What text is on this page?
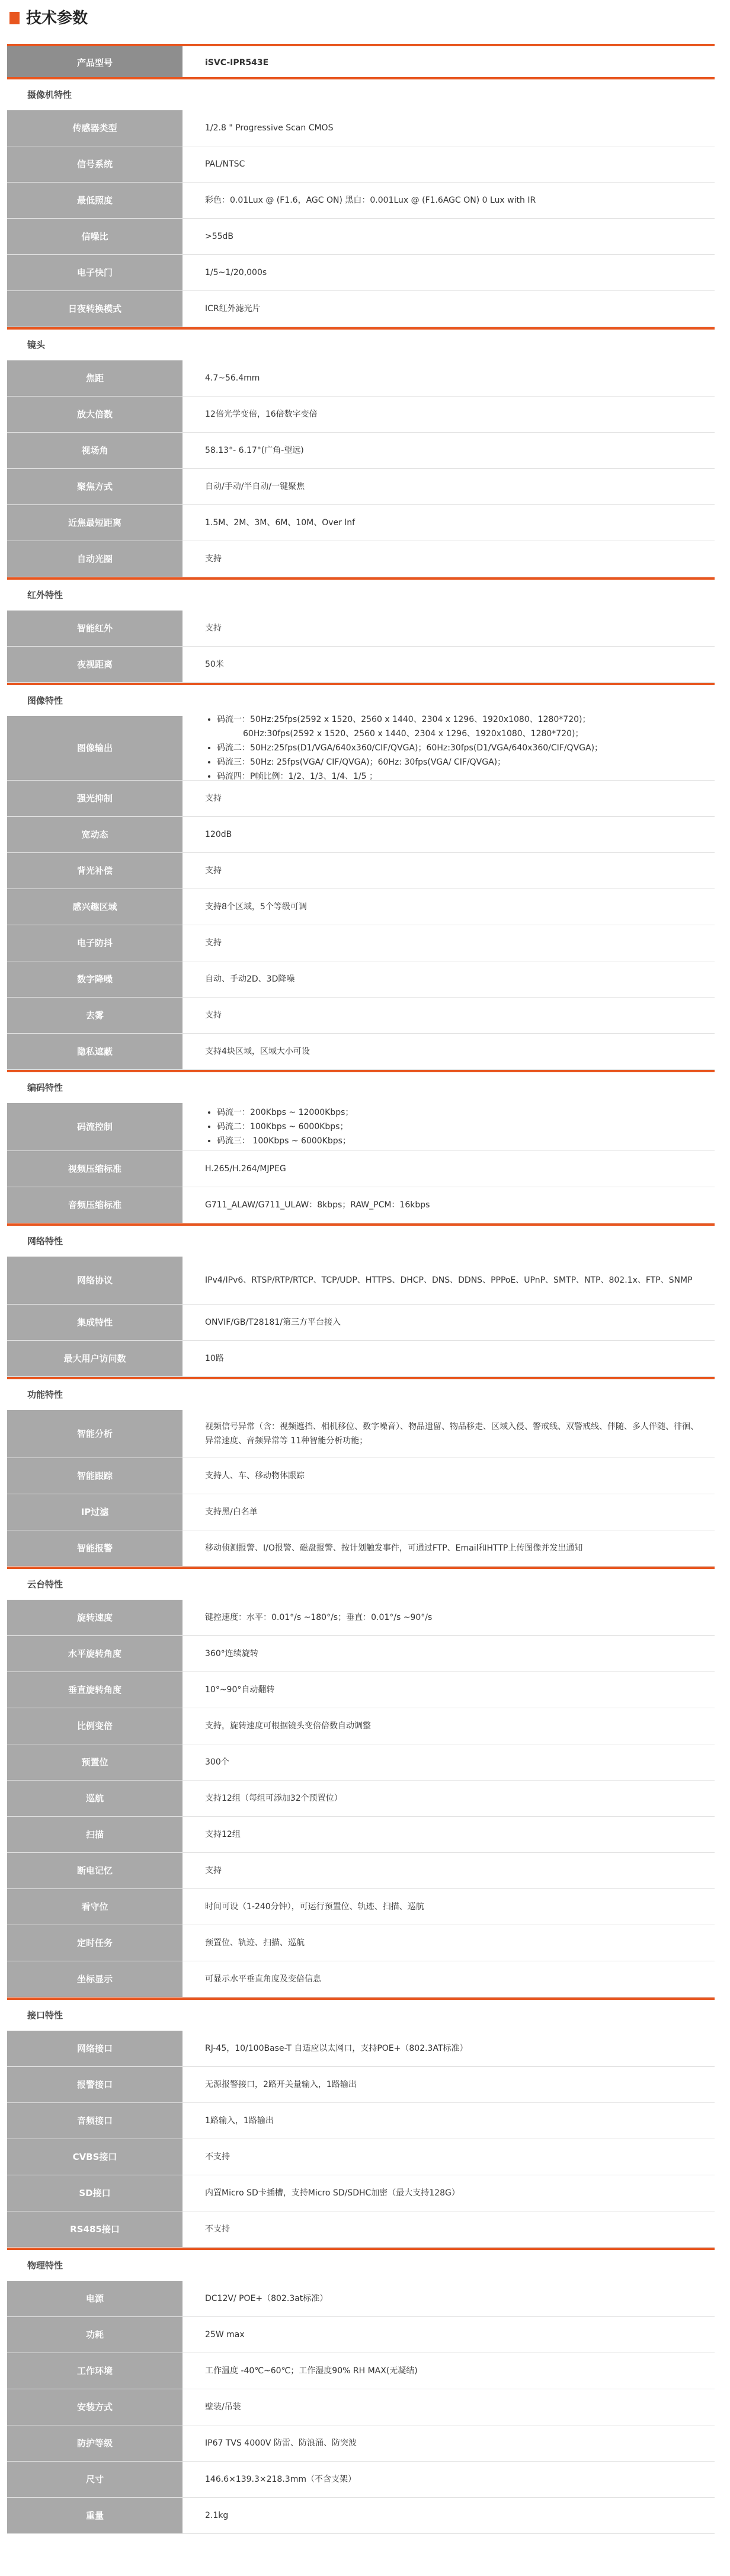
技术参数
产品型号	iSVC-IPR543E
摄像机特性
传感器类型	1/2.8 " Progressive Scan CMOS
信号系统	PAL/NTSC
最低照度	彩色：0.01Lux @ (F1.6，AGC ON) 黑白：0.001Lux @ (F1.6AGC ON) 0 Lux with IR
信噪比	>55dB
电子快门	1/5~1/20,000s
日夜转换模式	ICR红外滤光片
镜头
焦距	4.7~56.4mm
放大倍数	12倍光学变倍，16倍数字变倍
视场角	58.13°- 6.17°(广角-望远)
聚焦方式	自动/手动/半自动/一键聚焦
近焦最短距离	1.5M、2M、3M、6M、10M、Over lnf
自动光圈	支持
红外特性
智能红外	支持
夜视距离	50米
图像特性
图像输出
• 码流一：50Hz:25fps(2592 x 1520、2560 x 1440、2304 x 1296、1920x1080、1280*720)；
60Hz:30fps(2592 x 1520、2560 x 1440、2304 x 1296、1920x1080、1280*720)；
• 码流二：50Hz:25fps(D1/VGA/640x360/CIF/QVGA)；60Hz:30fps(D1/VGA/640x360/CIF/QVGA)；
• 码流三：50Hz: 25fps(VGA/ CIF/QVGA)；60Hz: 30fps(VGA/ CIF/QVGA)；
• 码流四：P帧比例：1/2、1/3、1/4、1/5 ；
强光抑制	支持
宽动态	120dB
背光补偿	支持
感兴趣区域	支持8个区域，5个等级可调
电子防抖	支持
数字降噪	自动、手动2D、3D降噪
去雾	支持
隐私遮蔽	支持4块区域，区域大小可设
编码特性
码流控制
• 码流一：200Kbps ~ 12000Kbps；
• 码流二：100Kbps ~ 6000Kbps；
• 码流三： 100Kbps ~ 6000Kbps；
视频压缩标准	H.265/H.264/MJPEG
音频压缩标准	G711_ALAW/G711_ULAW：8kbps；RAW_PCM：16kbps
网络特性
网络协议	IPv4/IPv6、RTSP/RTP/RTCP、TCP/UDP、HTTPS、DHCP、DNS、DDNS、PPPoE、UPnP、SMTP、NTP、802.1x、FTP、SNMP
集成特性	ONVIF/GB/T28181/第三方平台接入
最大用户访问数	10路
功能特性
智能分析
视频信号异常（含：视频遮挡、相机移位、数字噪音）、物品遗留、物品移走、区域入侵、警戒线、双警戒线、伴随、多人伴随、徘徊、异常速度、音频异常等 11种智能分析功能；
智能跟踪	支持人、车、移动物体跟踪
IP过滤	支持黑/白名单
智能报警	移动侦测报警、I/O报警、磁盘报警、按计划触发事件，可通过FTP、Email和HTTP上传图像并发出通知
云台特性
旋转速度	键控速度：水平：0.01°/s ~180°/s；垂直：0.01°/s ~90°/s
水平旋转角度	360°连续旋转
垂直旋转角度	10°~90°自动翻转
比例变倍	支持，旋转速度可根据镜头变倍倍数自动调整
预置位	300个
巡航	支持12组（每组可添加32个预置位）
扫描	支持12组
断电记忆	支持
看守位	时间可设（1-240分钟），可运行预置位、轨迹、扫描、巡航
定时任务	预置位、轨迹、扫描、巡航
坐标显示	可显示水平垂直角度及变倍信息
接口特性
网络接口	RJ-45，10/100Base-T 自适应以太网口，支持POE+（802.3AT标准）
报警接口	无源报警接口，2路开关量输入，1路输出
音频接口	1路输入，1路输出
CVBS接口	不支持
SD接口	内置Micro SD卡插槽，支持Micro SD/SDHC加密（最大支持128G）
RS485接口	不支持
物理特性
电源	DC12V/ POE+（802.3at标准）
功耗	25W max
工作环境	工作温度 -40℃~60℃；工作湿度90% RH MAX(无凝结)
安装方式	壁装/吊装
防护等级	IP67 TVS 4000V 防雷、防浪涌、防突波
尺寸	146.6×139.3×218.3mm（不含支架）
重量	2.1kg
